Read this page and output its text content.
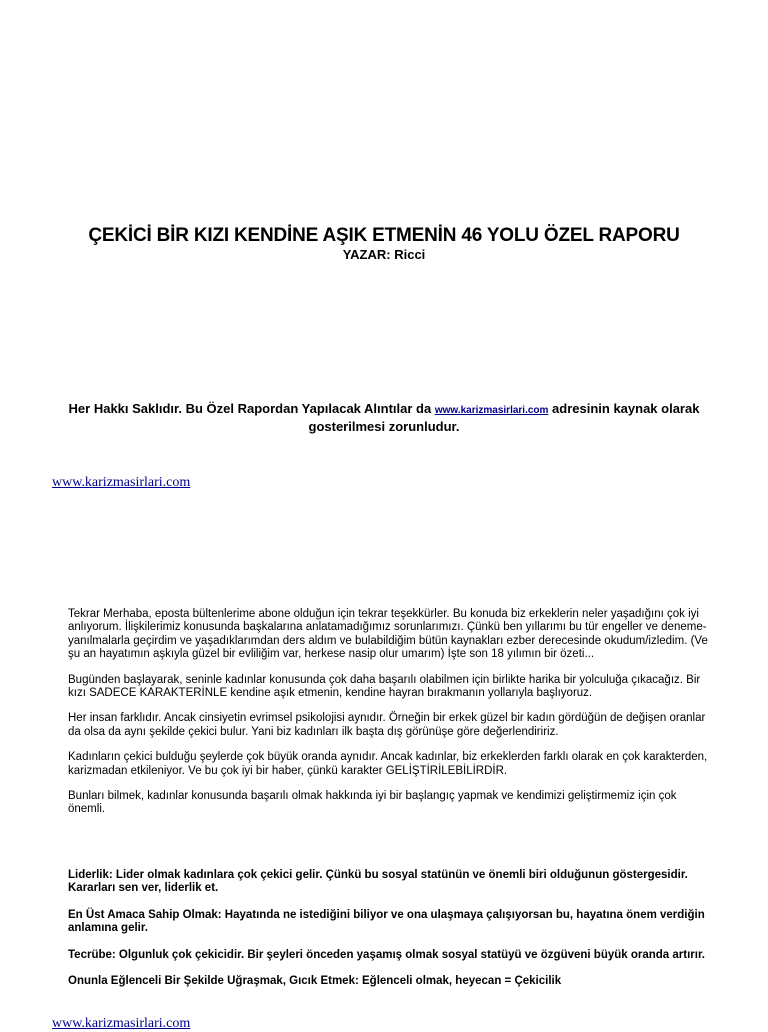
ÇEKİCİ BİR KIZI KENDİNE AŞIK ETMENİN 46 YOLU ÖZEL RAPORU
YAZAR: Ricci
Her Hakkı Saklıdır. Bu Özel Rapordan Yapılacak Alıntılar da www.karizmasirlari.com adresinin kaynak olarak gosterilmesi zorunludur.
www.karizmasirlari.com

Tekrar Merhaba, eposta bültenlerime abone olduğun için tekrar teşekkürler. Bu konuda biz erkeklerin neler yaşadığını çok iyi anlıyorum. İlişkilerimiz konusunda başkalarına anlatamadığımız sorunlarımızı. Çünkü ben yıllarımı bu tür engeller ve deneme-yanılmalarla geçirdim ve yaşadıklarımdan ders aldım ve bulabildiğim bütün kaynakları ezber derecesinde okudum/izledim. (Ve şu an hayatımın aşkıyla güzel bir evliliğim var, herkese nasip olur umarım) İşte son 18 yılımın bir özeti...

Bugünden başlayarak, seninle kadınlar konusunda çok daha başarılı olabilmen için birlikte harika bir yolculuğa çıkacağız. Bir kızı SADECE KARAKTERİNLE kendine aşık etmenin, kendine hayran bırakmanın yollarıyla başlıyoruz.

Her insan farklıdır. Ancak cinsiyetin evrimsel psikolojisi aynıdır. Örneğin bir erkek güzel bir kadın gördüğün de değişen oranlar da olsa da aynı şekilde çekici bulur. Yani biz kadınları ilk başta dış görünüşe göre değerlendiririz.

Kadınların çekici bulduğu şeylerde çok büyük oranda aynıdır. Ancak kadınlar, biz erkeklerden farklı olarak en çok karakterden, karizmadan etkileniyor. Ve bu çok iyi bir haber, çünkü karakter GELİŞTİRİLEBİLİRDİR.

Bunları bilmek, kadınlar konusunda başarılı olmak hakkında iyi bir başlangıç yapmak ve kendimizi geliştirmemiz için çok önemli.

Liderlik: Lider olmak kadınlara çok çekici gelir. Çünkü bu sosyal statünün ve önemli biri olduğunun göstergesidir. Kararları sen ver, liderlik et.

En Üst Amaca Sahip Olmak: Hayatında ne istediğini biliyor ve ona ulaşmaya çalışıyorsan bu, hayatına önem verdiğin anlamına gelir.

Tecrübe: Olgunluk çok çekicidir. Bir şeyleri önceden yaşamış olmak sosyal statüyü ve özgüveni büyük oranda artırır.

Onunla Eğlenceli Bir Şekilde Uğraşmak, Gıcık Etmek: Eğlenceli olmak, heyecan = Çekicilik

www.karizmasirlari.com
